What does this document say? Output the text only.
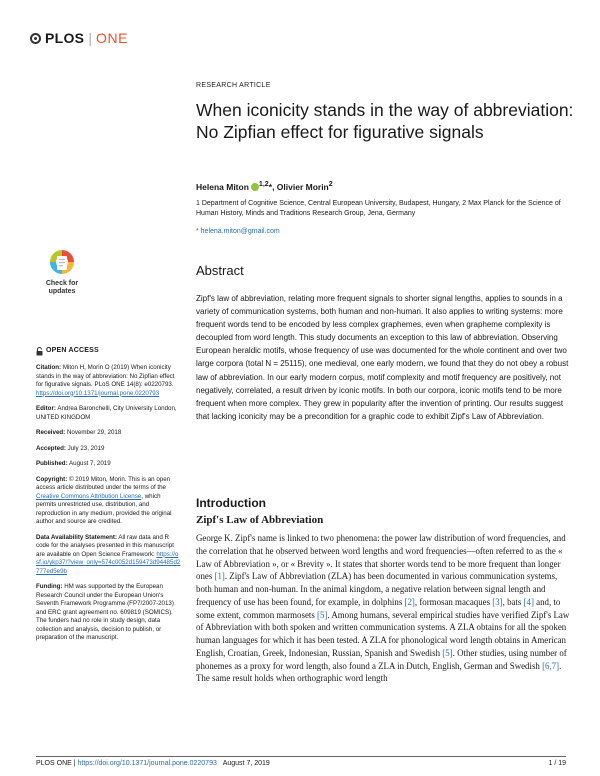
PLOS | ONE
RESEARCH ARTICLE
When iconicity stands in the way of abbreviation: No Zipfian effect for figurative signals
Helena Miton $^{1,2}$*, Olivier Morin$^2$
1 Department of Cognitive Science, Central European University, Budapest, Hungary, 2 Max Planck for the Science of Human History, Minds and Traditions Research Group, Jena, Germany
* helena.miton@gmail.com
Check for
updates
OPEN ACCESS
Citation: Miton H, Morin O (2019) When iconicity stands in the way of abbreviation: No Zipfian effect for figurative signals. PLoS ONE 14(8): e0220793. https://doi.org/10.1371/journal.pone.0220793
Editor: Andrea Baronchelli, City University London, UNITED KINGDOM
Received: November 29, 2018
Accepted: July 23, 2019
Published: August 7, 2019
Copyright: © 2019 Miton, Morin. This is an open access article distributed under the terms of the Creative Commons Attribution License, which permits unrestricted use, distribution, and reproduction in any medium, provided the original author and source are credited.
Data Availability Statement: All raw data and R code for the analyses presented in this manuscript are available on Open Science Framework: https://osf.io/ykp37/?view_only=574c0052d159473d94485d2777ed5e9b
Funding: HM was supported by the European Research Council under the European Union's Seventh Framework Programme (FP7/2007-2013) and ERC grant agreement no. 609819 (SOMICS). The funders had no role in study design, data collection and analysis, decision to publish, or preparation of the manuscript.
Abstract
Zipf's law of abbreviation, relating more frequent signals to shorter signal lengths, applies to sounds in a variety of communication systems, both human and non-human. It also applies to writing systems: more frequent words tend to be encoded by less complex graphemes, even when grapheme complexity is decoupled from word length. This study documents an exception to this law of abbreviation. Observing European heraldic motifs, whose frequency of use was documented for the whole continent and over two large corpora (total N = 25115), one medieval, one early modern, we found that they do not obey a robust law of abbreviation. In our early modern corpus, motif complexity and motif frequency are positively, not negatively, correlated, a result driven by iconic motifs. In both our corpora, iconic motifs tend to be more frequent when more complex. They grew in popularity after the invention of printing. Our results suggest that lacking iconicity may be a precondition for a graphic code to exhibit Zipf's Law of Abbreviation.
Introduction
Zipf's Law of Abbreviation
George K. Zipf's name is linked to two phenomena: the power law distribution of word frequencies, and the correlation that he observed between word lengths and word frequencies—often referred to as the « Law of Abbreviation », or « Brevity ». It states that shorter words tend to be more frequent than longer ones [1]. Zipf's Law of Abbreviation (ZLA) has been documented in various communication systems, both human and non-human. In the animal kingdom, a negative relation between signal length and frequency of use has been found, for example, in dolphins [2], formosan macaques [3], bats [4] and, to some extent, common marmosets [5]. Among humans, several empirical studies have verified Zipf's Law of Abbreviation with both spoken and written communication systems. A ZLA obtains for all the spoken human languages for which it has been tested. A ZLA for phonological word length obtains in American English, Croatian, Greek, Indonesian, Russian, Spanish and Swedish [5]. Other studies, using number of phonemes as a proxy for word length, also found a ZLA in Dutch, English, German and Swedish [6,7]. The same result holds when orthographic word length
PLOS ONE | https://doi.org/10.1371/journal.pone.0220793 August 7, 2019	1 / 19
